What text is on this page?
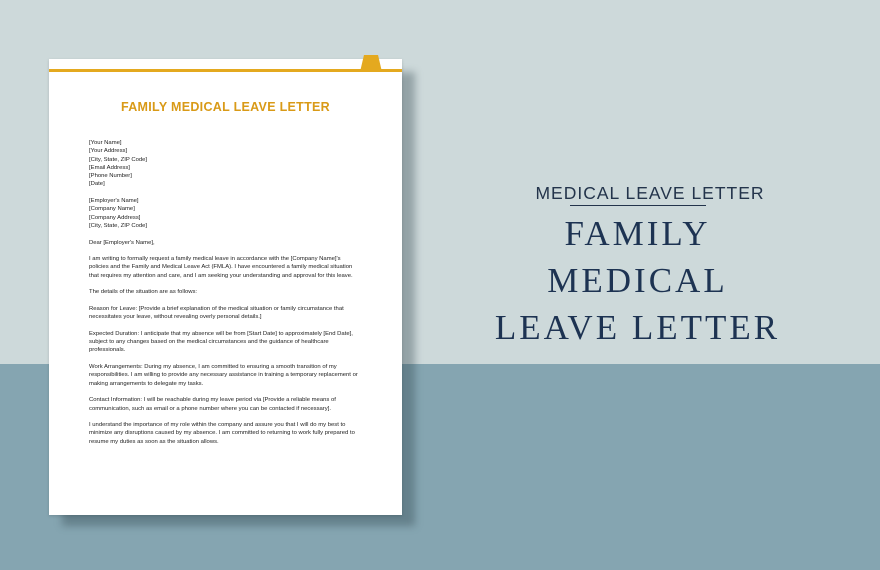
FAMILY MEDICAL LEAVE LETTER
[Your Name]
[Your Address]
[City, State, ZIP Code]
[Email Address]
[Phone Number]
[Date]
[Employer's Name]
[Company Name]
[Company Address]
[City, State, ZIP Code]
Dear [Employer's Name],
I am writing to formally request a family medical leave in accordance with the [Company Name]'s
policies and the Family and Medical Leave Act (FMLA). I have encountered a family medical situation
that requires my attention and care, and I am seeking your understanding and approval for this leave.
The details of the situation are as follows:
Reason for Leave: [Provide a brief explanation of the medical situation or family circumstance that
necessitates your leave, without revealing overly personal details.]
Expected Duration: I anticipate that my absence will be from [Start Date] to approximately [End Date],
subject to any changes based on the medical circumstances and the guidance of healthcare
professionals.
Work Arrangements: During my absence, I am committed to ensuring a smooth transition of my
responsibilities. I am willing to provide any necessary assistance in training a temporary replacement or
making arrangements to delegate my tasks.
Contact Information: I will be reachable during my leave period via [Provide a reliable means of
communication, such as email or a phone number where you can be contacted if necessary].
I understand the importance of my role within the company and assure you that I will do my best to
minimize any disruptions caused by my absence. I am committed to returning to work fully prepared to
resume my duties as soon as the situation allows.
MEDICAL LEAVE LETTER
FAMILY MEDICAL
LEAVE LETTER
